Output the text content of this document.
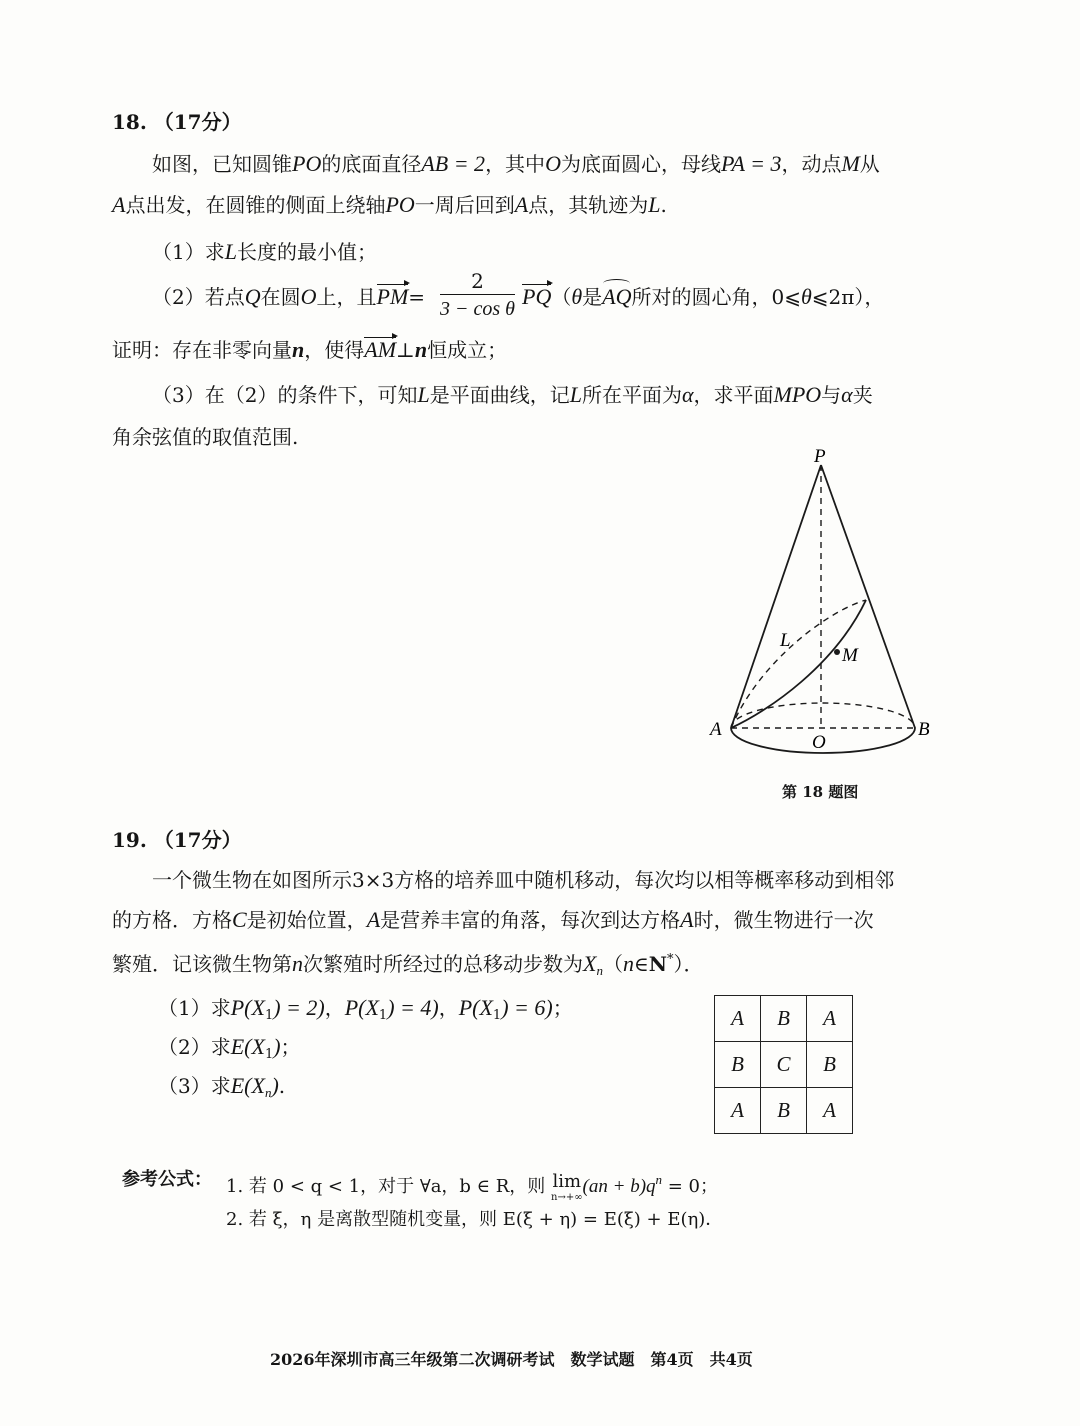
18. （17分）
如图，已知圆锥PO的底面直径AB = 2，其中O为底面圆心，母线PA = 3，动点M从
A点出发，在圆锥的侧面上绕轴PO一周后回到A点，其轨迹为L.
（1）求L长度的最小值；
（2）若点Q在圆O上，且$PM= \frac{2}{\text{3 − cos θ}} PQ(\theta$是AQ所对的圆心角，0⩽θ⩽2π），
证明：存在非零向量n，使得AM⊥n恒成立；
（3）在（2）的条件下，可知L是平面曲线，记L所在平面为α，求平面MPO与α夹
角余弦值的取值范围.
P
A	B
O
L
M
第 18 题图
19. （17分）
一个微生物在如图所示3×3方格的培养皿中随机移动，每次均以相等概率移动到相邻
的方格．方格C是初始位置，A是营养丰富的角落，每次到达方格A时，微生物进行一次
繁殖．记该微生物第n次繁殖时所经过的总移动步数为$X_n(n\in N^*)$．
（1）求$P(X_1) = 2$)，$P(X_1) = 4$)，$P(X_1) = 6$)；
（2）求$E(X_1)$；
（3）求$E(X_n)$.
A	B	A
B	C	B
A	B	A
参考公式： 1. 若 0 < q < 1，对于 ∀a，b ∈ R，则 lim
n→+∞
$(an + b)q^n = 0$；
2. 若 ξ，η 是离散型随机变量，则 E(ξ + η) = E(ξ) + E(η)．
2026年深圳市高三年级第二次调研考试　数学试题　第4页　共4页
